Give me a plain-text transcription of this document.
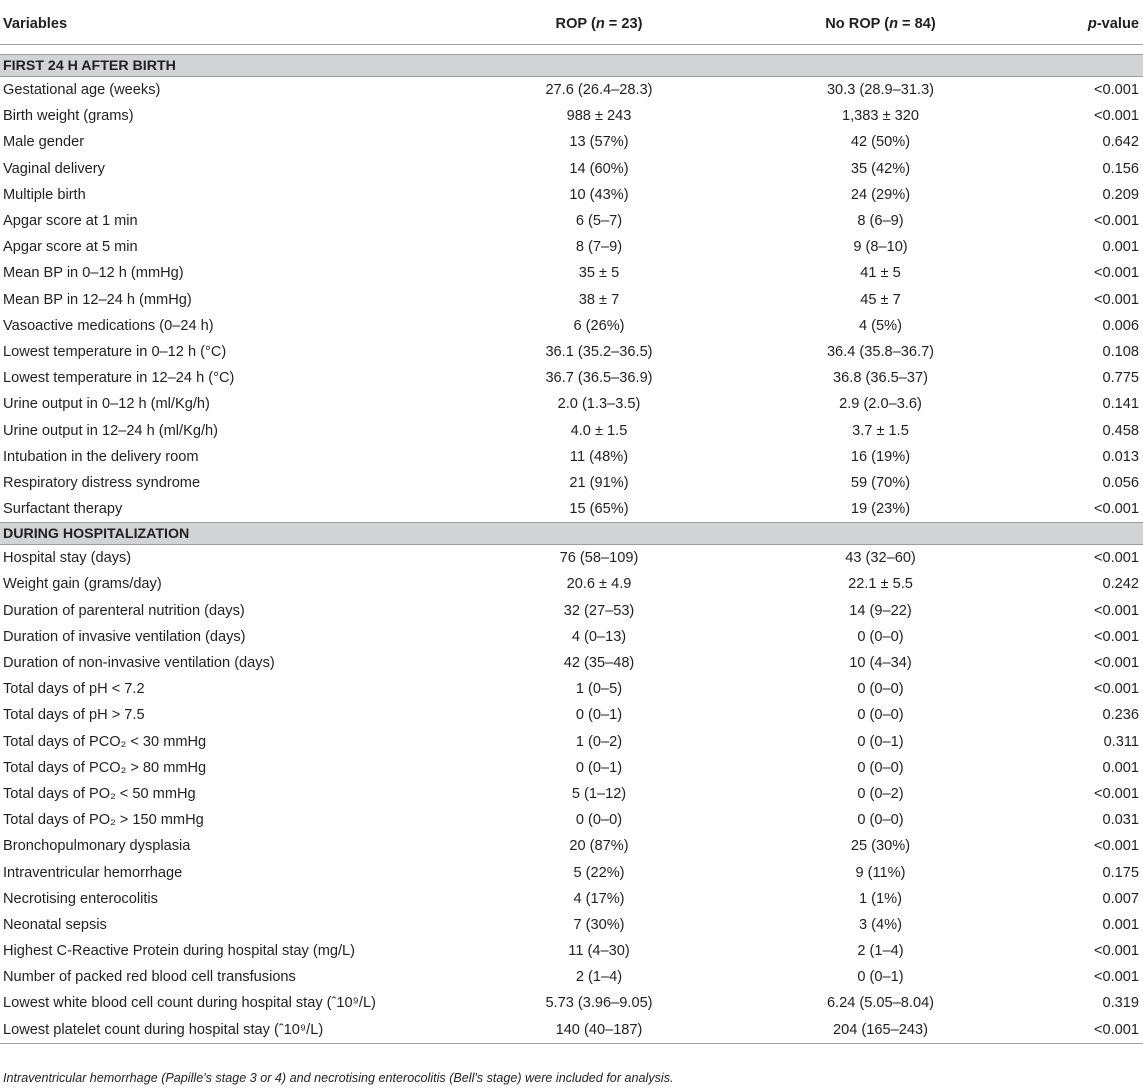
Variables	ROP (n = 23)	No ROP (n = 84)	p-value

FIRST 24 H AFTER BIRTH			
Gestational age (weeks)	27.6 (26.4–28.3)	30.3 (28.9–31.3)	<0.001
Birth weight (grams)	988 ± 243	1,383 ± 320	<0.001
Male gender	13 (57%)	42 (50%)	0.642
Vaginal delivery	14 (60%)	35 (42%)	0.156
Multiple birth	10 (43%)	24 (29%)	0.209
Apgar score at 1 min	6 (5–7)	8 (6–9)	<0.001
Apgar score at 5 min	8 (7–9)	9 (8–10)	0.001
Mean BP in 0–12 h (mmHg)	35 ± 5	41 ± 5	<0.001
Mean BP in 12–24 h (mmHg)	38 ± 7	45 ± 7	<0.001
Vasoactive medications (0–24 h)	6 (26%)	4 (5%)	0.006
Lowest temperature in 0–12 h (°C)	36.1 (35.2–36.5)	36.4 (35.8–36.7)	0.108
Lowest temperature in 12–24 h (°C)	36.7 (36.5–36.9)	36.8 (36.5–37)	0.775
Urine output in 0–12 h (ml/Kg/h)	2.0 (1.3–3.5)	2.9 (2.0–3.6)	0.141
Urine output in 12–24 h (ml/Kg/h)	4.0 ± 1.5	3.7 ± 1.5	0.458
Intubation in the delivery room	11 (48%)	16 (19%)	0.013
Respiratory distress syndrome	21 (91%)	59 (70%)	0.056
Surfactant therapy	15 (65%)	19 (23%)	<0.001
DURING HOSPITALIZATION			
Hospital stay (days)	76 (58–109)	43 (32–60)	<0.001
Weight gain (grams/day)	20.6 ± 4.9	22.1 ± 5.5	0.242
Duration of parenteral nutrition (days)	32 (27–53)	14 (9–22)	<0.001
Duration of invasive ventilation (days)	4 (0–13)	0 (0–0)	<0.001
Duration of non-invasive ventilation (days)	42 (35–48)	10 (4–34)	<0.001
Total days of pH < 7.2	1 (0–5)	0 (0–0)	<0.001
Total days of pH > 7.5	0 (0–1)	0 (0–0)	0.236
Total days of PCO₂ < 30 mmHg	1 (0–2)	0 (0–1)	0.311
Total days of PCO₂ > 80 mmHg	0 (0–1)	0 (0–0)	0.001
Total days of PO₂ < 50 mmHg	5 (1–12)	0 (0–2)	<0.001
Total days of PO₂ > 150 mmHg	0 (0–0)	0 (0–0)	0.031
Bronchopulmonary dysplasia	20 (87%)	25 (30%)	<0.001
Intraventricular hemorrhage	5 (22%)	9 (11%)	0.175
Necrotising enterocolitis	4 (17%)	1 (1%)	0.007
Neonatal sepsis	7 (30%)	3 (4%)	0.001
Highest C-Reactive Protein during hospital stay (mg/L)	11 (4–30)	2 (1–4)	<0.001
Number of packed red blood cell transfusions	2 (1–4)	0 (0–1)	<0.001
Lowest white blood cell count during hospital stay (ˆ10⁹/L)	5.73 (3.96–9.05)	6.24 (5.05–8.04)	0.319
Lowest platelet count during hospital stay (ˆ10⁹/L)	140 (40–187)	204 (165–243)	<0.001
Intraventricular hemorrhage (Papille's stage 3 or 4) and necrotising enterocolitis (Bell's stage) were included for analysis.
